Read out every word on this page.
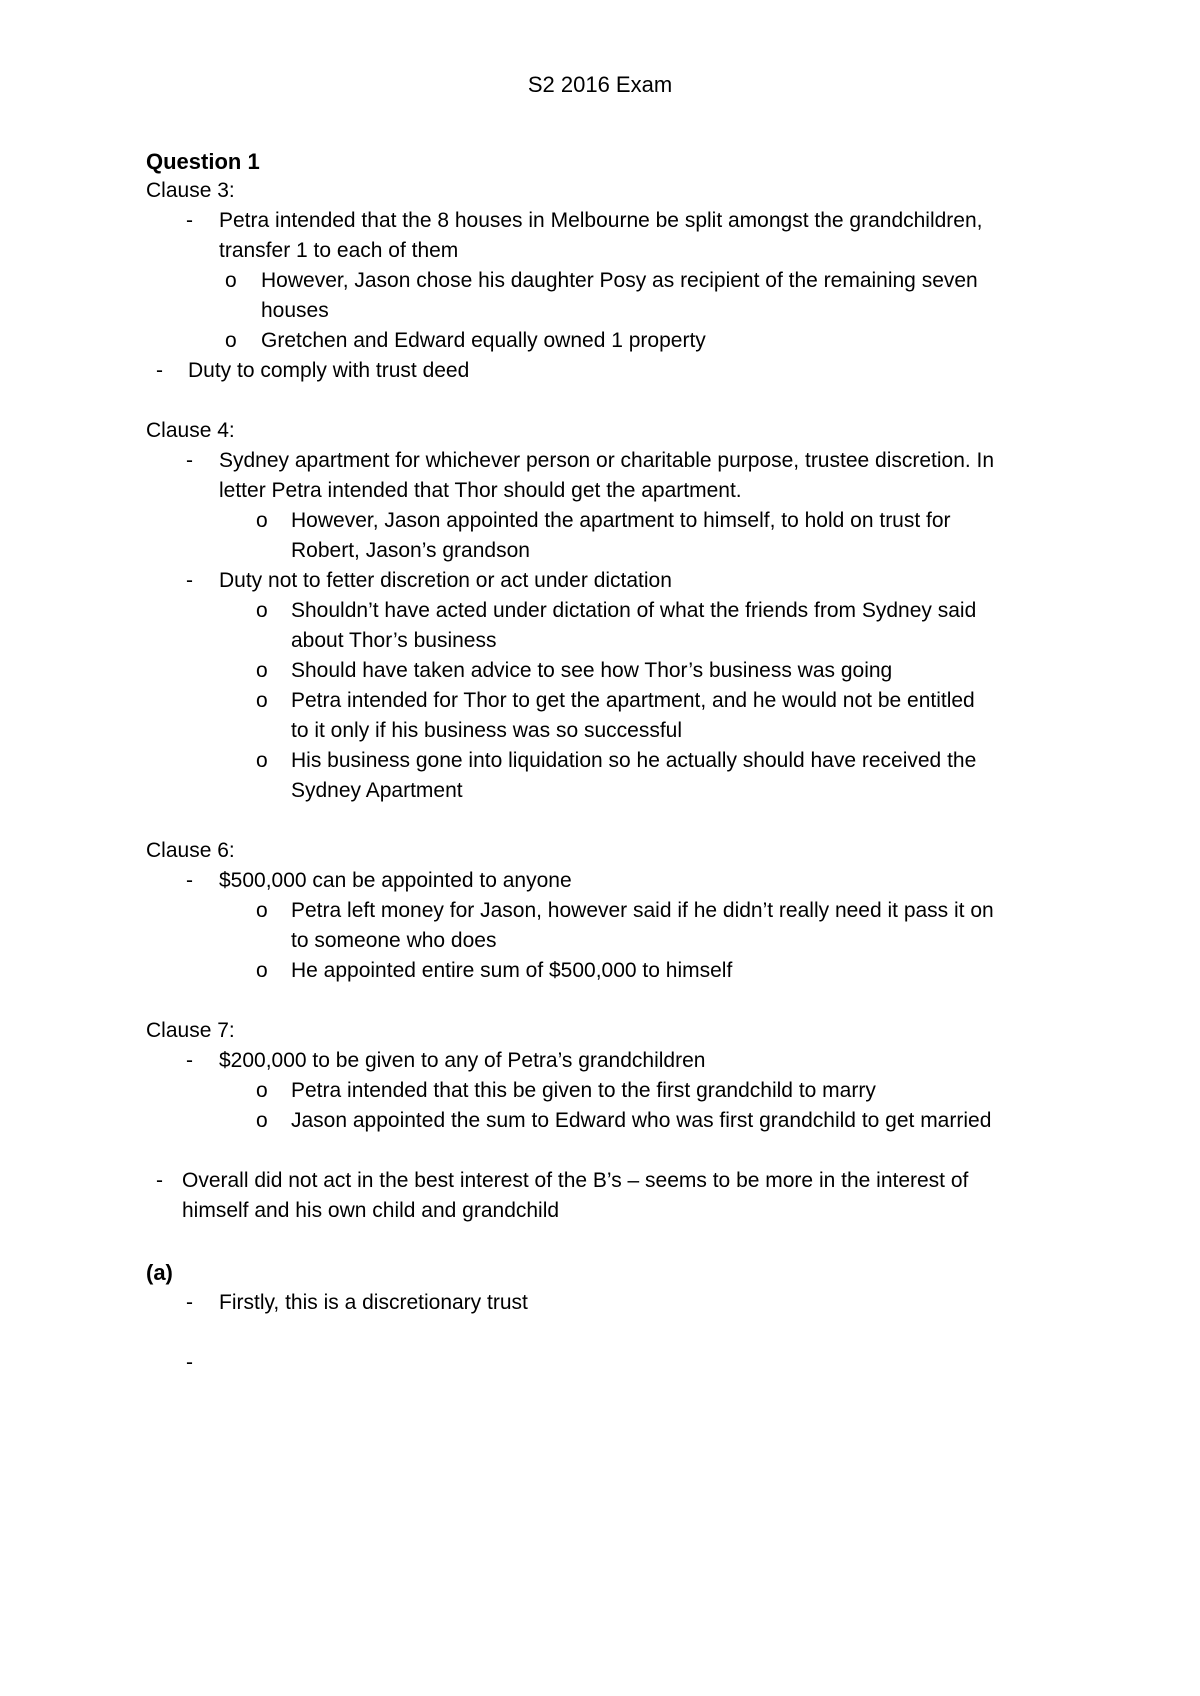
S2 2016 Exam
Question 1
Clause 3:
- Petra intended that the 8 houses in Melbourne be split amongst the grandchildren,
transfer 1 to each of them
o However, Jason chose his daughter Posy as recipient of the remaining seven
houses
o Gretchen and Edward equally owned 1 property
- Duty to comply with trust deed
Clause 4:
- Sydney apartment for whichever person or charitable purpose, trustee discretion. In
letter Petra intended that Thor should get the apartment.
o However, Jason appointed the apartment to himself, to hold on trust for
Robert, Jason’s grandson
- Duty not to fetter discretion or act under dictation
o Shouldn’t have acted under dictation of what the friends from Sydney said
about Thor’s business
o Should have taken advice to see how Thor’s business was going
o Petra intended for Thor to get the apartment, and he would not be entitled
to it only if his business was so successful
o His business gone into liquidation so he actually should have received the
Sydney Apartment
Clause 6:
- $500,000 can be appointed to anyone
o Petra left money for Jason, however said if he didn’t really need it pass it on
to someone who does
o He appointed entire sum of $500,000 to himself
Clause 7:
- $200,000 to be given to any of Petra’s grandchildren
o Petra intended that this be given to the first grandchild to marry
o Jason appointed the sum to Edward who was first grandchild to get married
- Overall did not act in the best interest of the B’s – seems to be more in the interest of
himself and his own child and grandchild
(a)
- Firstly, this is a discretionary trust
-
